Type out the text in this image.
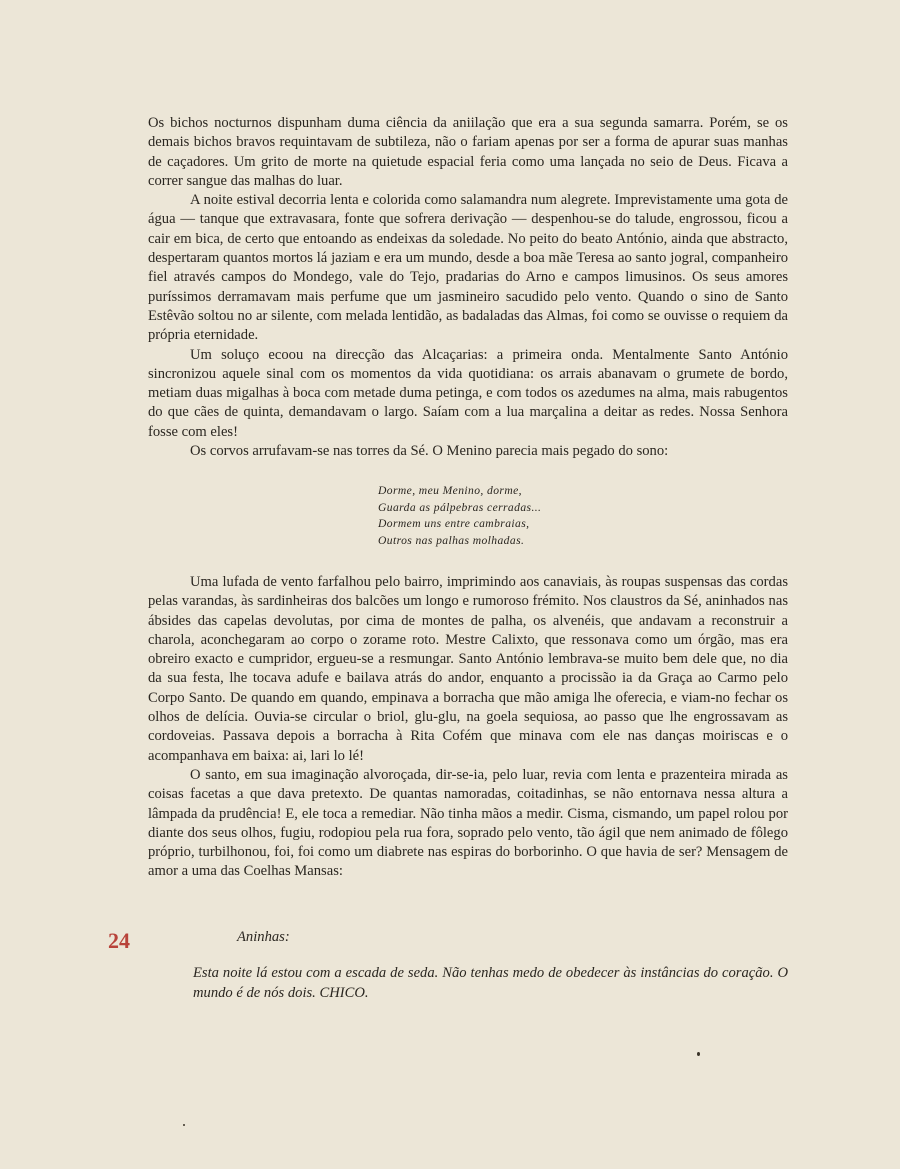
Os bichos nocturnos dispunham duma ciência da aniilação que era a sua segunda samarra. Porém, se os demais bichos bravos requintavam de subtileza, não o fariam apenas por ser a forma de apurar suas manhas de caçadores. Um grito de morte na quietude espacial feria como uma lançada no seio de Deus. Ficava a correr sangue das malhas do luar.

A noite estival decorria lenta e colorida como salamandra num alegrete. Imprevistamente uma gota de água — tanque que extravasara, fonte que sofrera derivação — despenhou-se do talude, engrossou, ficou a cair em bica, de certo que entoando as endeixas da soledade. No peito do beato António, ainda que abstracto, despertaram quantos mortos lá jaziam e era um mundo, desde a boa mãe Teresa ao santo jogral, companheiro fiel através campos do Mondego, vale do Tejo, pradarias do Arno e campos limusinos. Os seus amores puríssimos derramavam mais perfume que um jasmineiro sacudido pelo vento. Quando o sino de Santo Estêvão soltou no ar silente, com melada lentidão, as badaladas das Almas, foi como se ouvisse o requiem da própria eternidade.

Um soluço ecoou na direcção das Alcaçarias: a primeira onda. Mentalmente Santo António sincronizou aquele sinal com os momentos da vida quotidiana: os arrais abanavam o grumete de bordo, metiam duas migalhas à boca com metade duma petinga, e com todos os azedumes na alma, mais rabugentos do que cães de quinta, demandavam o largo. Saíam com a lua marçalina a deitar as redes. Nossa Senhora fosse com eles!

Os corvos arrufavam-se nas torres da Sé. O Menino parecia mais pegado do sono:

Dorme, meu Menino, dorme,
Guarda as pálpebras cerradas...
Dormem uns entre cambraias,
Outros nas palhas molhadas.

Uma lufada de vento farfalhou pelo bairro, imprimindo aos canaviais, às roupas suspensas das cordas pelas varandas, às sardinheiras dos balcões um longo e rumoroso frémito. Nos claustros da Sé, aninhados nas ábsides das capelas devolutas, por cima de montes de palha, os alvenéis, que andavam a reconstruir a charola, aconchegaram ao corpo o zorame roto. Mestre Calixto, que ressonava como um órgão, mas era obreiro exacto e cumpridor, ergueu-se a resmungar. Santo António lembrava-se muito bem dele que, no dia da sua festa, lhe tocava adufe e bailava atrás do andor, enquanto a procissão ia da Graça ao Carmo pelo Corpo Santo. De quando em quando, empinava a borracha que mão amiga lhe oferecia, e viam-no fechar os olhos de delícia. Ouvia-se circular o briol, glu-glu, na goela sequiosa, ao passo que lhe engrossavam as cordoveias. Passava depois a borracha à Rita Cofém que minava com ele nas danças moiriscas e o acompanhava em baixa: ai, lari lo lé!

O santo, em sua imaginação alvoroçada, dir-se-ia, pelo luar, revia com lenta e prazenteira mirada as coisas facetas a que dava pretexto. De quantas namoradas, coitadinhas, se não entornava nessa altura a lâmpada da prudência! E, ele toca a remediar. Não tinha mãos a medir. Cisma, cismando, um papel rolou por diante dos seus olhos, fugiu, rodopiou pela rua fora, soprado pelo vento, tão ágil que nem animado de fôlego próprio, turbilhonou, foi, foi como um diabrete nas espiras do borborinho. O que havia de ser? Mensagem de amor a uma das Coelhas Mansas:

24	Aninhas:
Esta noite lá estou com a escada de seda. Não tenhas medo de obedecer às instâncias do coração. O mundo é de nós dois. CHICO.
